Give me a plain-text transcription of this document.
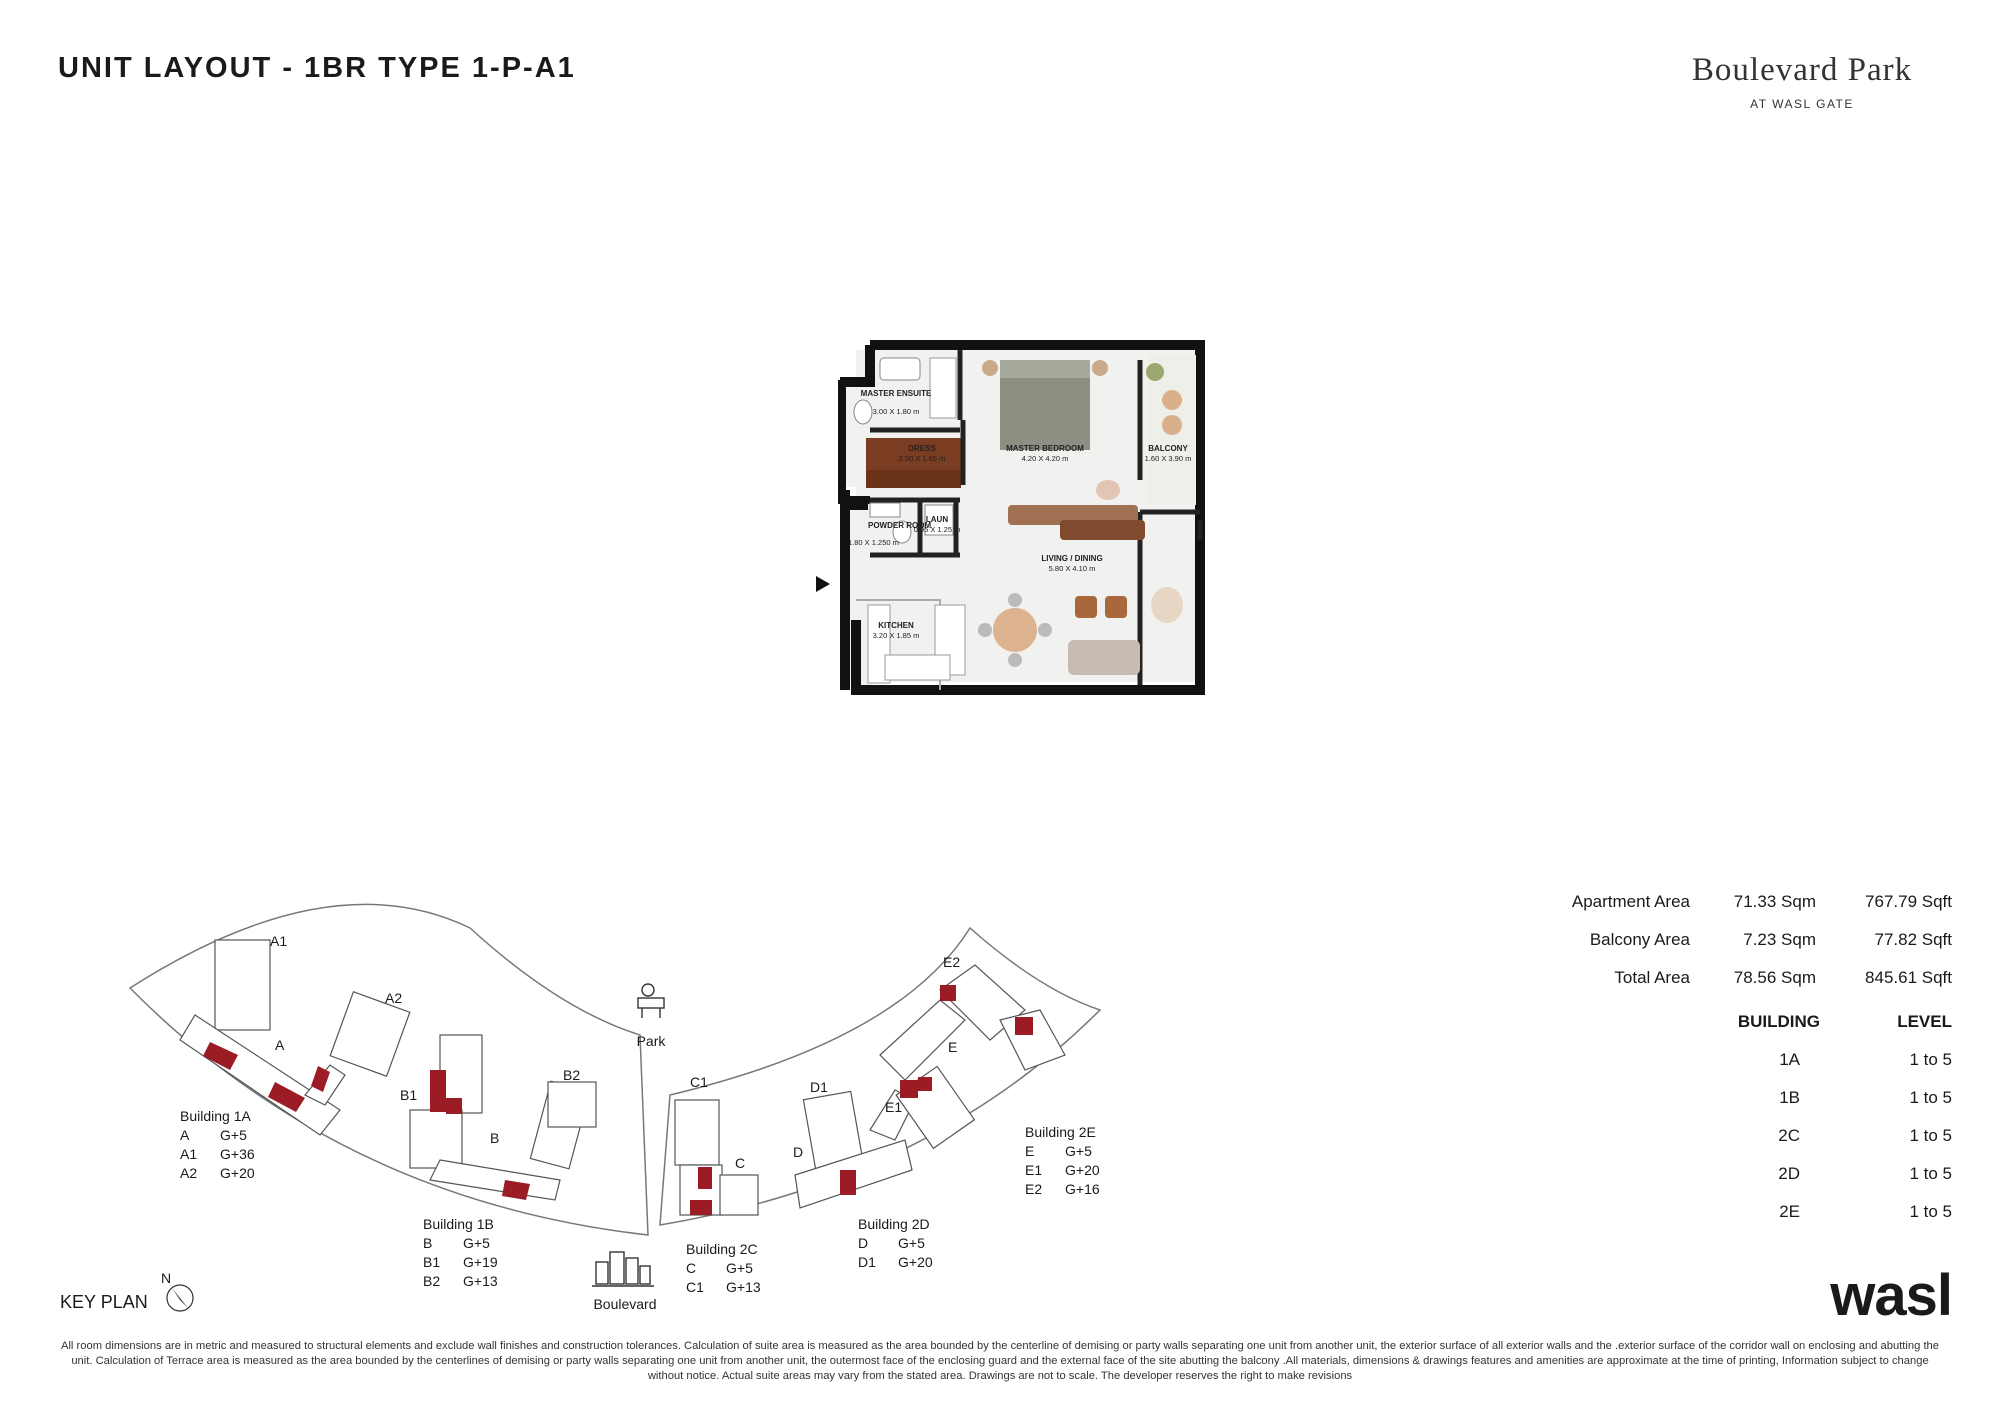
UNIT LAYOUT - 1BR TYPE 1-P-A1	Boulevard Park
AT WASL GATE
MASTER ENSUITE
3.00 X 1.80 m
DRESS
2.50 X 1.65 m
MASTER BEDROOM
4.20 X 4.20 m
BALCONY
1.60 X 3.90 m
POWDER ROOM
1.80 X 1.250 m
LAUN
0.95 X 1.25 m
LIVING / DINING
5.80 X 4.10 m
KITCHEN
3.20 X 1.85 m
A1
A2
A
B1
B2
B
C1
C
D1
D
E1
E2
E
Park
Boulevard
N
Building 1A
A G+5
A1 G+36
A2 G+20
Building 1B
B G+5
B1 G+19
B2 G+13
Building 2C
C G+5
C1 G+13
Building 2D
D G+5
D1 G+20
Building 2E
E G+5
E1 G+20
E2 G+16
KEY PLAN
Apartment Area	71.33 Sqm	767.79 Sqft
Balcony Area	7.23 Sqm	77.82 Sqft
Total Area	78.56 Sqm	845.61 Sqft
BUILDING	LEVEL
1A	1 to 5
1B	1 to 5
2C	1 to 5
2D	1 to 5
2E	1 to 5
wasl
All room dimensions are in metric and measured to structural elements and exclude wall finishes and construction tolerances. Calculation of suite area is measured as the area bounded by the centerline of demising or party walls separating one unit from another unit, the exterior surface of all exterior walls and the .exterior surface of the corridor wall on enclosing and abutting the unit. Calculation of Terrace area is measured as the area bounded by the centerlines of demising or party walls separating one unit from another unit, the outermost face of the enclosing guard and the external face of the site abutting the balcony .All materials, dimensions & drawings features and amenities are approximate at the time of printing, Information subject to change without notice. Actual suite areas may vary from the stated area. Drawings are not to scale. The developer reserves the right to make revisions
